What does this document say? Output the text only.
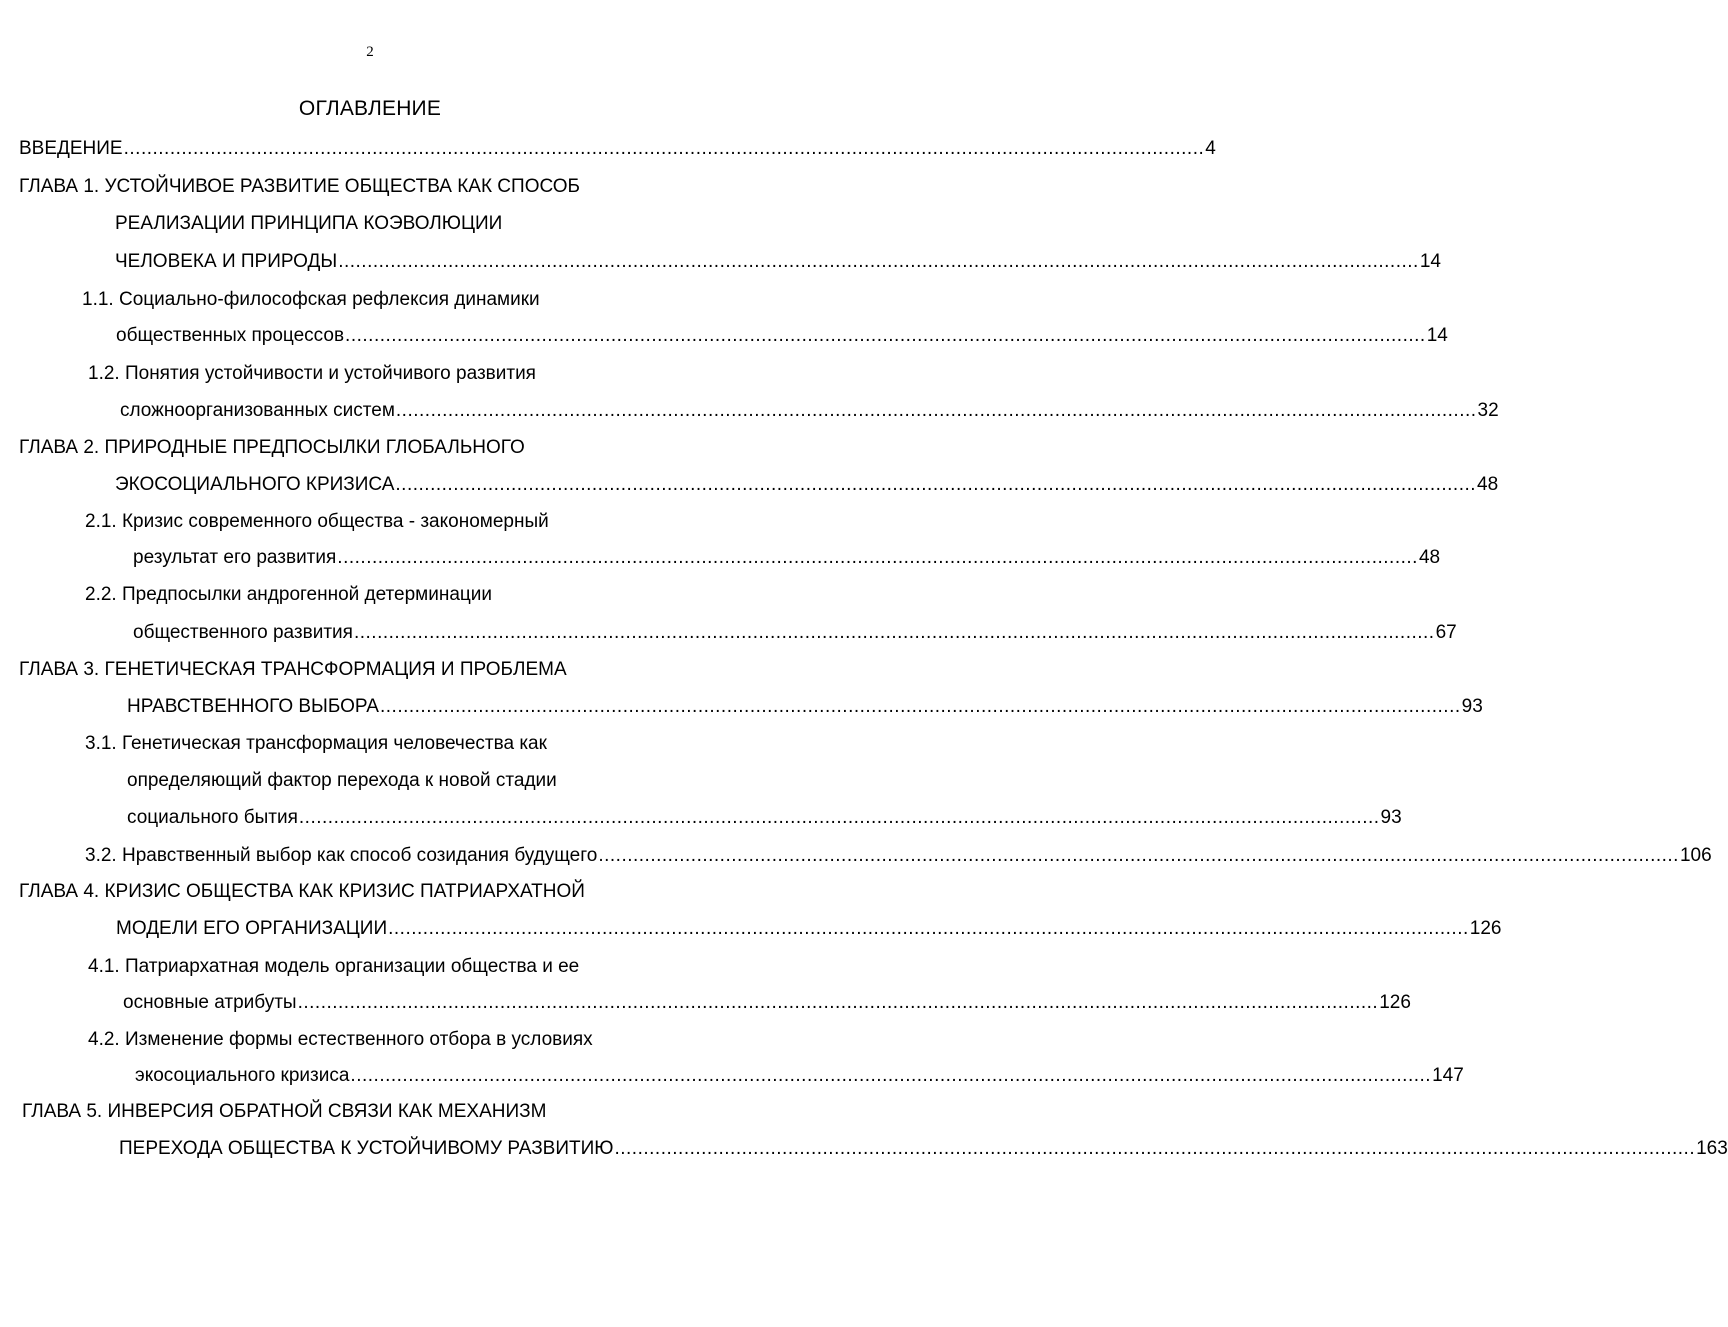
2
ОГЛАВЛЕНИЕ
ВВЕДЕНИЕ ........................................................................................................................................................................................... 4
ГЛАВА 1. УСТОЙЧИВОЕ РАЗВИТИЕ ОБЩЕСТВА КАК СПОСОБ
РЕАЛИЗАЦИИ ПРИНЦИПА КОЭВОЛЮЦИИ
ЧЕЛОВЕКА И ПРИРОДЫ ........................................................................................................................................................................................... 14
1.1. Социально-философская рефлексия динамики
общественных процессов ........................................................................................................................................................................................... 14
1.2. Понятия устойчивости и устойчивого развития
сложноорганизованных систем ........................................................................................................................................................................................... 32
ГЛАВА 2. ПРИРОДНЫЕ ПРЕДПОСЫЛКИ ГЛОБАЛЬНОГО
ЭКОСОЦИАЛЬНОГО КРИЗИСА ........................................................................................................................................................................................... 48
2.1. Кризис современного общества - закономерный
результат его развития ........................................................................................................................................................................................... 48
2.2. Предпосылки андрогенной детерминации
общественного развития ........................................................................................................................................................................................... 67
ГЛАВА 3. ГЕНЕТИЧЕСКАЯ ТРАНСФОРМАЦИЯ И ПРОБЛЕМА
НРАВСТВЕННОГО ВЫБОРА ........................................................................................................................................................................................... 93
3.1. Генетическая трансформация человечества как
определяющий фактор перехода к новой стадии
социального бытия ........................................................................................................................................................................................... 93
3.2. Нравственный выбор как способ созидания будущего ........................................................................................................................................................................................... 106
ГЛАВА 4. КРИЗИС ОБЩЕСТВА КАК КРИЗИС ПАТРИАРХАТНОЙ
МОДЕЛИ ЕГО ОРГАНИЗАЦИИ ........................................................................................................................................................................................... 126
4.1. Патриархатная модель организации общества и ее
основные атрибуты ........................................................................................................................................................................................... 126
4.2. Изменение формы естественного отбора в условиях
экосоциального кризиса ........................................................................................................................................................................................... 147
ГЛАВА 5. ИНВЕРСИЯ ОБРАТНОЙ СВЯЗИ КАК МЕХАНИЗМ
ПЕРЕХОДА ОБЩЕСТВА К УСТОЙЧИВОМУ РАЗВИТИЮ ........................................................................................................................................................................................... 163
